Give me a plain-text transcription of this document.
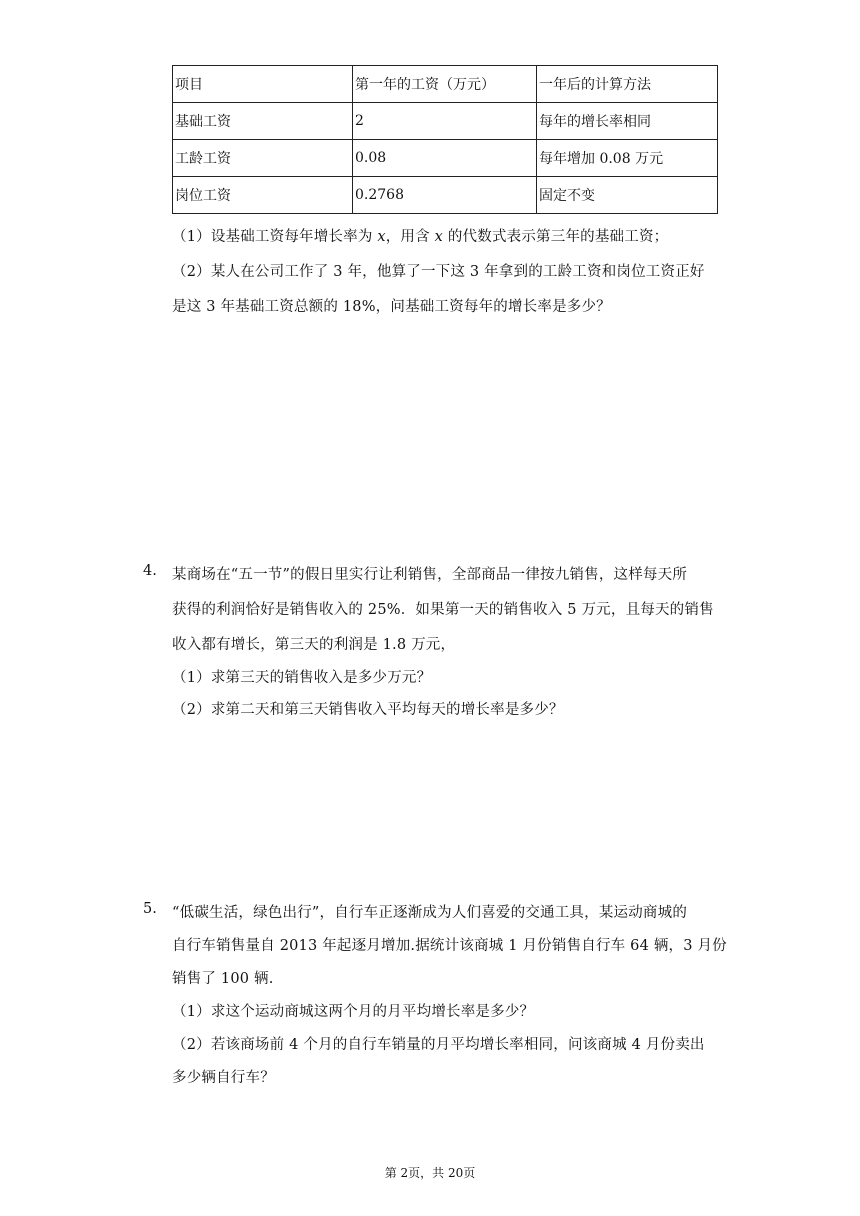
项目	第一年的工资（万元）	一年后的计算方法
基础工资	2	每年的增长率相同
工龄工资	0.08	每年增加 0.08 万元
岗位工资	0.2768	固定不变
（1）设基础工资每年增长率为 x，用含 x 的代数式表示第三年的基础工资；
（2）某人在公司工作了 3 年，他算了一下这 3 年拿到的工龄工资和岗位工资正好
是这 3 年基础工资总额的 18%，问基础工资每年的增长率是多少？
4. 某商场在“五一节”的假日里实行让利销售，全部商品一律按九销售，这样每天所
获得的利润恰好是销售收入的 25%．如果第一天的销售收入 5 万元，且每天的销售
收入都有增长，第三天的利润是 1.8 万元，
（1）求第三天的销售收入是多少万元？
（2）求第二天和第三天销售收入平均每天的增长率是多少？
5. “低碳生活，绿色出行”，自行车正逐渐成为人们喜爱的交通工具，某运动商城的
自行车销售量自 2013 年起逐月增加.据统计该商城 1 月份销售自行车 64 辆，3 月份
销售了 100 辆.
（1）求这个运动商城这两个月的月平均增长率是多少？
（2）若该商场前 4 个月的自行车销量的月平均增长率相同，问该商城 4 月份卖出
多少辆自行车？
第 2页，共 20页
